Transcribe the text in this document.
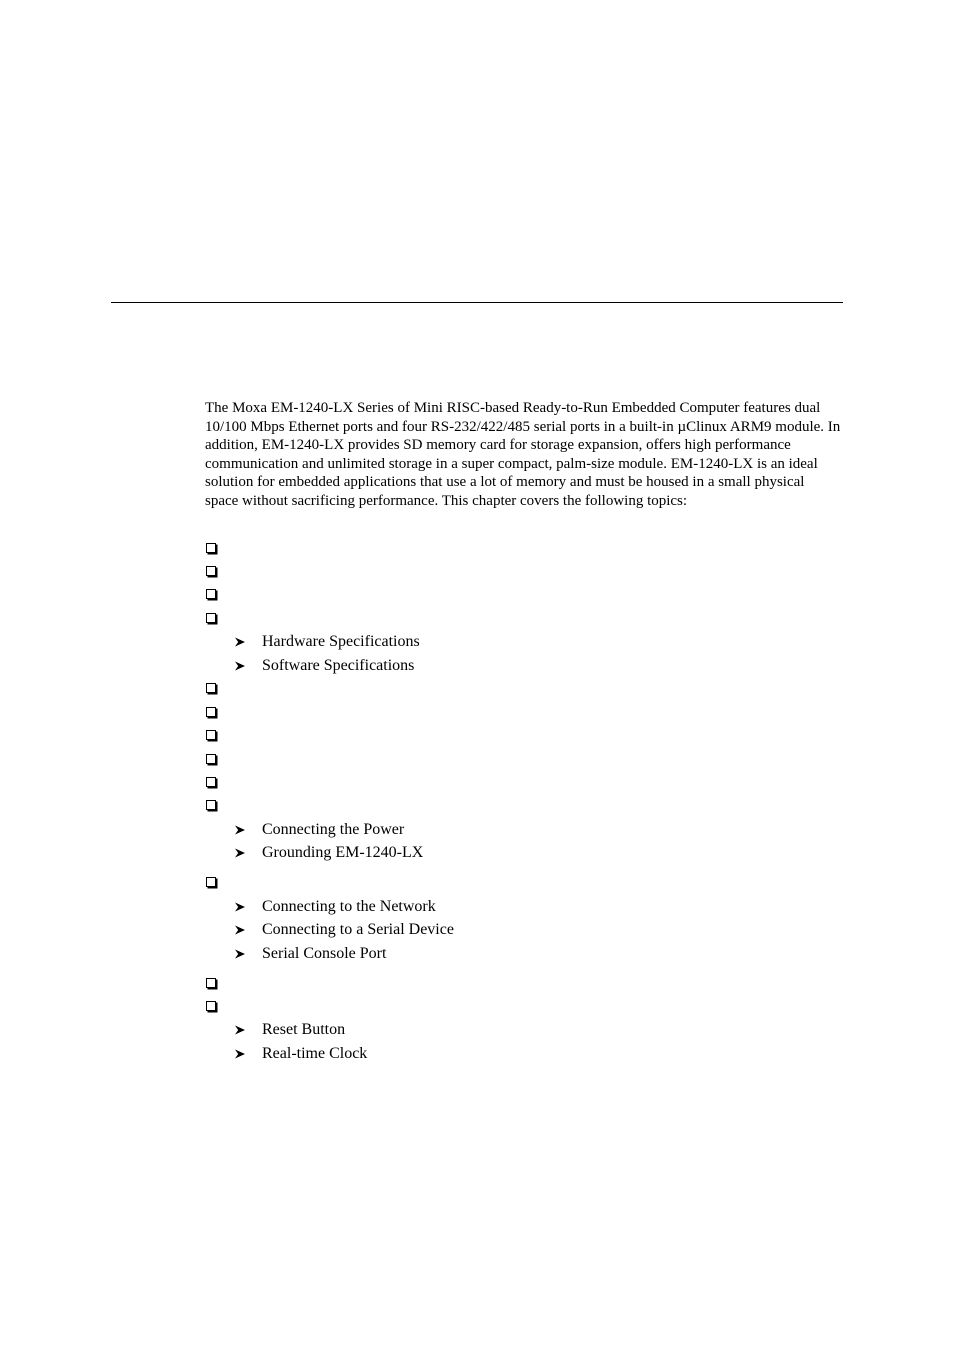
The Moxa EM-1240-LX Series of Mini RISC-based Ready-to-Run Embedded Computer features dual 10/100 Mbps Ethernet ports and four RS-232/422/485 serial ports in a built-in µClinux ARM9 module. In addition, EM-1240-LX provides SD memory card for storage expansion, offers high performance communication and unlimited storage in a super compact, palm-size module. EM-1240-LX is an ideal solution for embedded applications that use a lot of memory and must be housed in a small physical space without sacrificing performance. This chapter covers the following topics:

Hardware Specifications
Software Specifications
Connecting the Power
Grounding EM-1240-LX
Connecting to the Network
Connecting to a Serial Device
Serial Console Port
Reset Button
Real-time Clock
